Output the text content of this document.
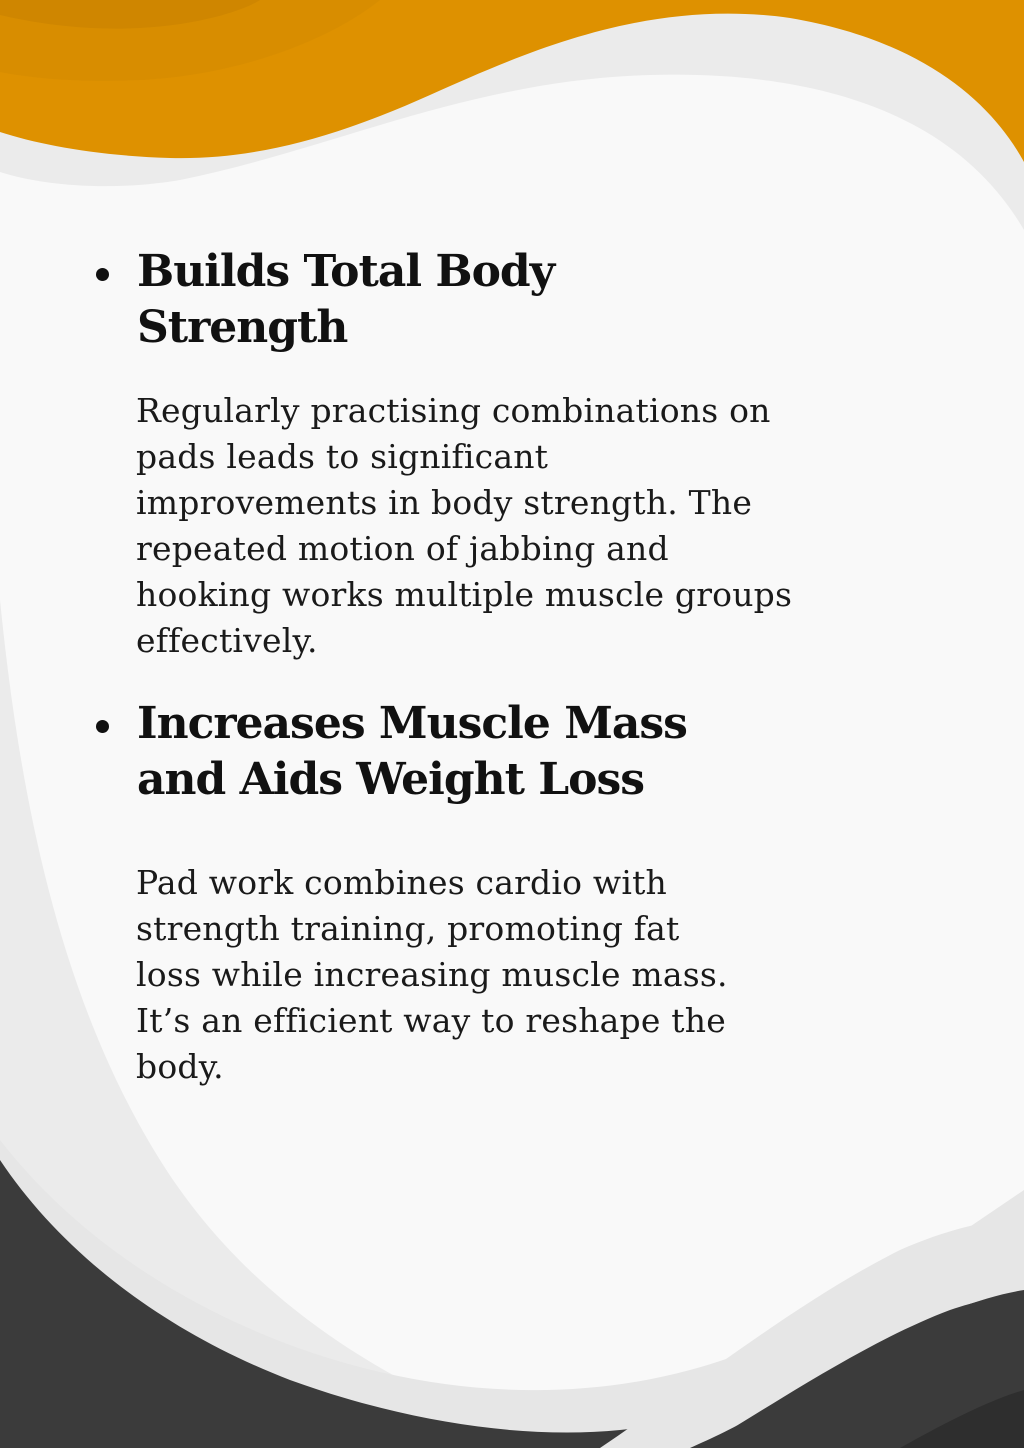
Builds Total Body
Strength

Regularly practising combinations on
pads leads to significant
improvements in body strength. The
repeated motion of jabbing and
hooking works multiple muscle groups
effectively.

Increases Muscle Mass
and Aids Weight Loss

Pad work combines cardio with
strength training, promoting fat
loss while increasing muscle mass.
It’s an efficient way to reshape the
body.
